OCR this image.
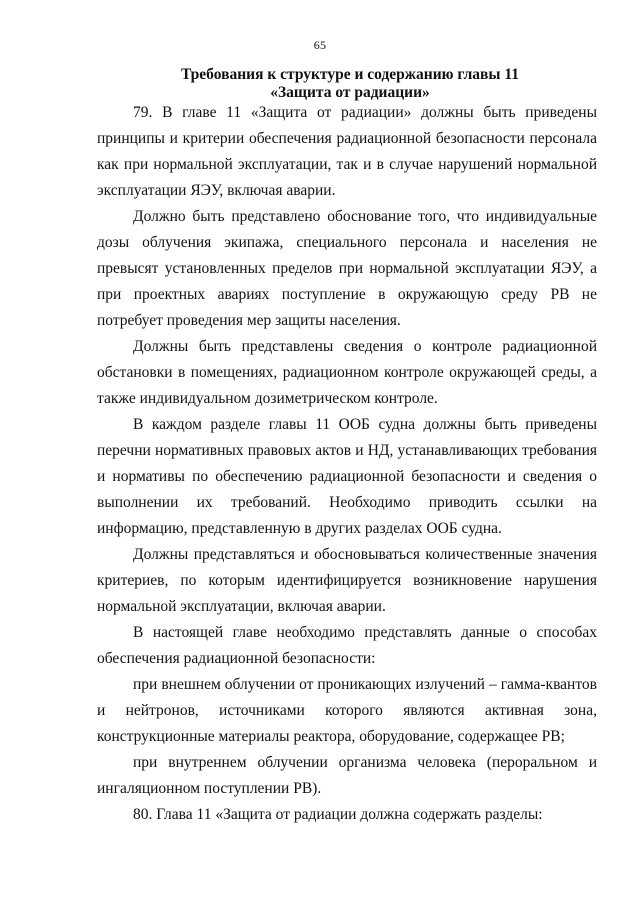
65
Требования к структуре и содержанию главы 11
«Защита от радиации»

79. В главе 11 «Защита от радиации» должны быть приведены принципы и критерии обеспечения радиационной безопасности персонала как при нормальной эксплуатации, так и в случае нарушений нормальной эксплуатации ЯЭУ, включая аварии.

Должно быть представлено обоснование того, что индивидуальные дозы облучения экипажа, специального персонала и населения не превысят установленных пределов при нормальной эксплуатации ЯЭУ, а при проектных авариях поступление в окружающую среду РВ не потребует проведения мер защиты населения.

Должны быть представлены сведения о контроле радиационной обстановки в помещениях, радиационном контроле окружающей среды, а также индивидуальном дозиметрическом контроле.

В каждом разделе главы 11 ООБ судна должны быть приведены перечни нормативных правовых актов и НД, устанавливающих требования и нормативы по обеспечению радиационной безопасности и сведения о выполнении их требований. Необходимо приводить ссылки на информацию, представленную в других разделах ООБ судна.

Должны представляться и обосновываться количественные значения критериев, по которым идентифицируется возникновение нарушения нормальной эксплуатации, включая аварии.

В настоящей главе необходимо представлять данные о способах обеспечения радиационной безопасности:

при внешнем облучении от проникающих излучений – гамма-квантов и нейтронов, источниками которого являются активная зона, конструкционные материалы реактора, оборудование, содержащее РВ;

при внутреннем облучении организма человека (пероральном и ингаляционном поступлении РВ).

80. Глава 11 «Защита от радиации должна содержать разделы:
